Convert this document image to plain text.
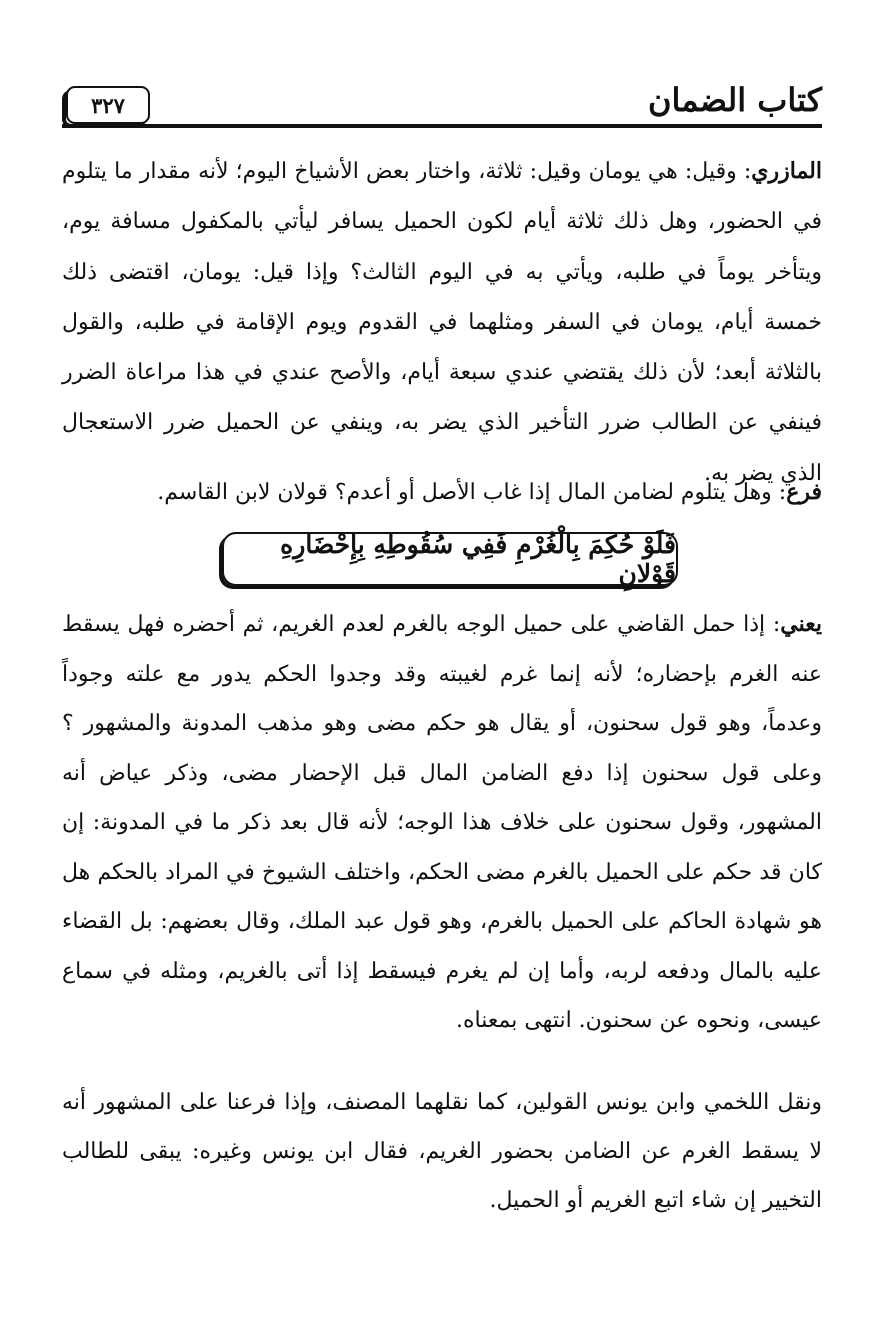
كتاب الضمان
٣٢٧
المازري: وقيل: هي يومان وقيل: ثلاثة، واختار بعض الأشياخ اليوم؛ لأنه مقدار ما يتلوم في الحضور، وهل ذلك ثلاثة أيام لكون الحميل يسافر ليأتي بالمكفول مسافة يوم، ويتأخر يوماً في طلبه، ويأتي به في اليوم الثالث؟ وإذا قيل: يومان، اقتضى ذلك خمسة أيام، يومان في السفر ومثلهما في القدوم ويوم الإقامة في طلبه، والقول بالثلاثة أبعد؛ لأن ذلك يقتضي عندي سبعة أيام، والأصح عندي في هذا مراعاة الضرر فينفي عن الطالب ضرر التأخير الذي يضر به، وينفي عن الحميل ضرر الاستعجال الذي يضر به.
فرع: وهل يتلوم لضامن المال إذا غاب الأصل أو أعدم؟ قولان لابن القاسم.
فَلَوْ حُكِمَ بِالْغُرْمِ فَفِي سُقُوطِهِ بِإِحْضَارِهِ قَوْلانِ
يعني: إذا حمل القاضي على حميل الوجه بالغرم لعدم الغريم، ثم أحضره فهل يسقط عنه الغرم بإحضاره؛ لأنه إنما غرم لغيبته وقد وجدوا الحكم يدور مع علته وجوداً وعدماً، وهو قول سحنون، أو يقال هو حكم مضى وهو مذهب المدونة والمشهور ؟ وعلى قول سحنون إذا دفع الضامن المال قبل الإحضار مضى، وذكر عياض أنه المشهور، وقول سحنون على خلاف هذا الوجه؛ لأنه قال بعد ذكر ما في المدونة: إن كان قد حكم على الحميل بالغرم مضى الحكم، واختلف الشيوخ في المراد بالحكم هل هو شهادة الحاكم على الحميل بالغرم، وهو قول عبد الملك، وقال بعضهم: بل القضاء عليه بالمال ودفعه لربه، وأما إن لم يغرم فيسقط إذا أتى بالغريم، ومثله في سماع عيسى، ونحوه عن سحنون. انتهى بمعناه.
ونقل اللخمي وابن يونس القولين، كما نقلهما المصنف، وإذا فرعنا على المشهور أنه لا يسقط الغرم عن الضامن بحضور الغريم، فقال ابن يونس وغيره: يبقى للطالب التخيير إن شاء اتبع الغريم أو الحميل.
